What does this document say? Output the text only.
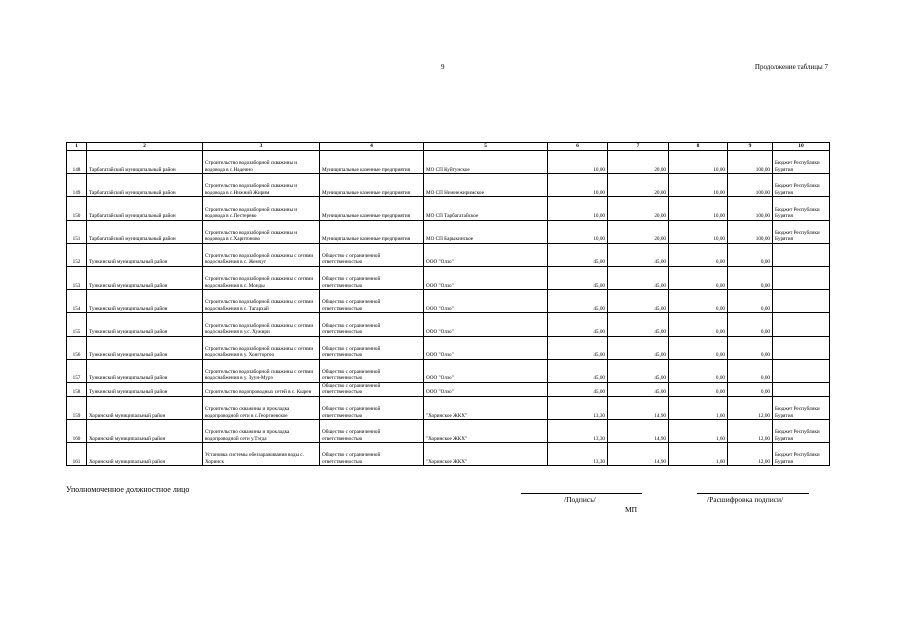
9	Продолжение таблицы 7
1	2	3	4	5	6	7	8	9	10
148	Тарбагатайский муниципальный район	Строительство водозаборной скважины и водовода в с.Надеино	Муниципальные казенные предприятия	МО СП Куйтунское	10,00	20,00	10,00	100,00	Бюджет Республики Бурятия
149	Тарбагатайский муниципальный район	Строительство водозаборной скважины и водовода в с.Нижний Жирим	Муниципальные казенные предприятия	МО СП Нижнежиримское	10,00	20,00	10,00	100,00	Бюджет Республики Бурятия
150	Тарбагатайский муниципальный район	Строительство водозаборной скважины и водовода в с.Пестерево	Муниципальные казенные предприятия	МО СП Тарбагатайское	10,00	20,00	10,00	100,00	Бюджет Республики Бурятия
151	Тарбагатайский муниципальный район	Строительство водозаборной скважины и водовода в с.Харитоново	Муниципальные казенные предприятия	МО СП Барыкинское	10,00	20,00	10,00	100,00	Бюджет Республики Бурятия
152	Тункинский муниципальный район	Строительство водозаборной скважины с сетями водоснабжения в с. Жемчуг	Общество с ограниченной ответственностью	ООО "Олзо"	45,00	45,00	0,00	0,00	
153	Тункинский муниципальный район	Строительство водозаборной скважины с сетями водоснабжения в с. Монды	Общество с ограниченной ответственностью	ООО "Олзо"	45,00	45,00	0,00	0,00	
154	Тункинский муниципальный район	Строительство водозаборной скважины с сетями водоснабжения в с. Тагархай	Общество с ограниченной ответственностью	ООО "Олзо"	45,00	45,00	0,00	0,00	
155	Тункинский муниципальный район	Строительство водозаборной скважины с сетями водоснабжения в у.с. Хужири	Общество с ограниченной ответственностью	ООО "Олзо"	45,00	45,00	0,00	0,00	
156	Тункинский муниципальный район	Строительство водозаборной скважины с сетями водоснабжения в у. Хонгторгоо	Общество с ограниченной ответственностью	ООО "Олзо"	45,00	45,00	0,00	0,00	
157	Тункинский муниципальный район	Строительство водозаборной скважины с сетями водоснабжения в у. Зуун-Мурэ	Общество с ограниченной ответственностью	ООО "Олзо"	45,00	45,00	0,00	0,00	
158	Тункинский муниципальный район	Строительство водопроводных сетей в с. Кырен	Общество с ограниченной ответственностью	ООО "Олзо"	45,00	45,00	0,00	0,00	
159	Хоринский муниципальный район	Строительство скважины и прокладка водопроводной сети в с.Георгиевское	Общество с ограниченной ответственностью	"Хоринское ЖКХ"	13,30	14,90	1,60	12,00	Бюджет Республики Бурятия
160	Хоринский муниципальный район	Строительство скважины и прокладка водопроводной сети у.Тэгда	Общество с ограниченной ответственностью	"Хоринское ЖКХ"	13,30	14,90	1,60	12,00	Бюджет Республики Бурятия
161	Хоринский муниципальный район	Установка системы обеззараживания воды с. Хоринск	Общество с ограниченной ответственностью	"Хоринское ЖКХ"	13,30	14,90	1,60	12,00	Бюджет Республики Бурятия
Уполномоченное должностное лицо
/Подпись/	/Расшифровка подписи/
МП
